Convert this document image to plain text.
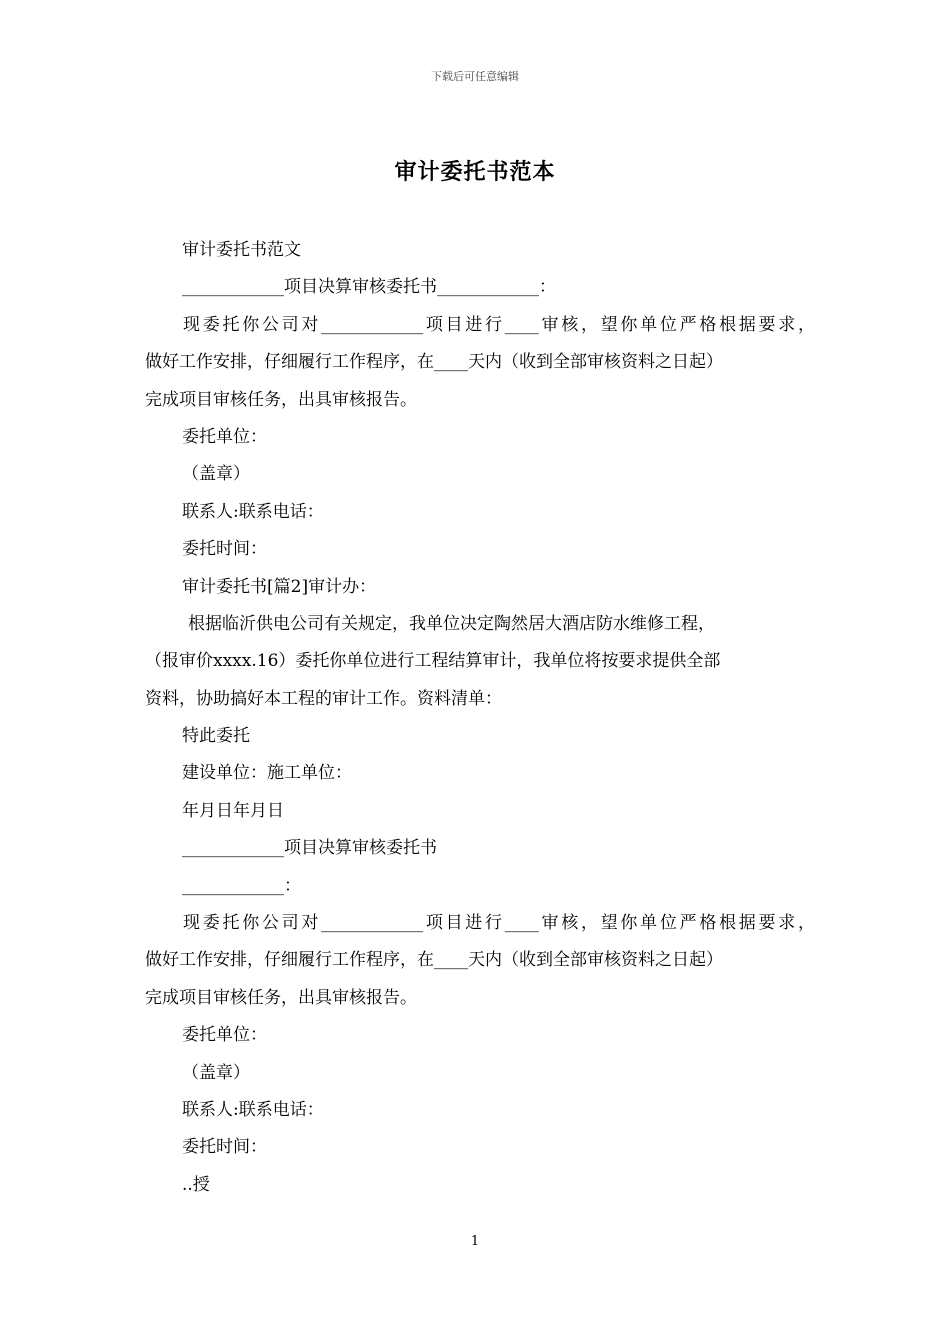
下载后可任意编辑
审计委托书范本
审计委托书范文
____________项目决算审核委托书____________：
现委托你公司对____________项目进行____审核，望你单位严格根据要求，
做好工作安排，仔细履行工作程序，在____天内（收到全部审核资料之日起）
完成项目审核任务，出具审核报告。
委托单位：
（盖章）
联系人:联系电话：
委托时间：
审计委托书[篇2]审计办：
根据临沂供电公司有关规定，我单位决定陶然居大酒店防水维修工程，
（报审价xxxx.16）委托你单位进行工程结算审计，我单位将按要求提供全部
资料，协助搞好本工程的审计工作。资料清单：
特此委托
建设单位：施工单位：
年月日年月日
____________项目决算审核委托书
____________：
现委托你公司对____________项目进行____审核，望你单位严格根据要求，
做好工作安排，仔细履行工作程序，在____天内（收到全部审核资料之日起）
完成项目审核任务，出具审核报告。
委托单位：
（盖章）
联系人:联系电话：
委托时间：
..授
1
